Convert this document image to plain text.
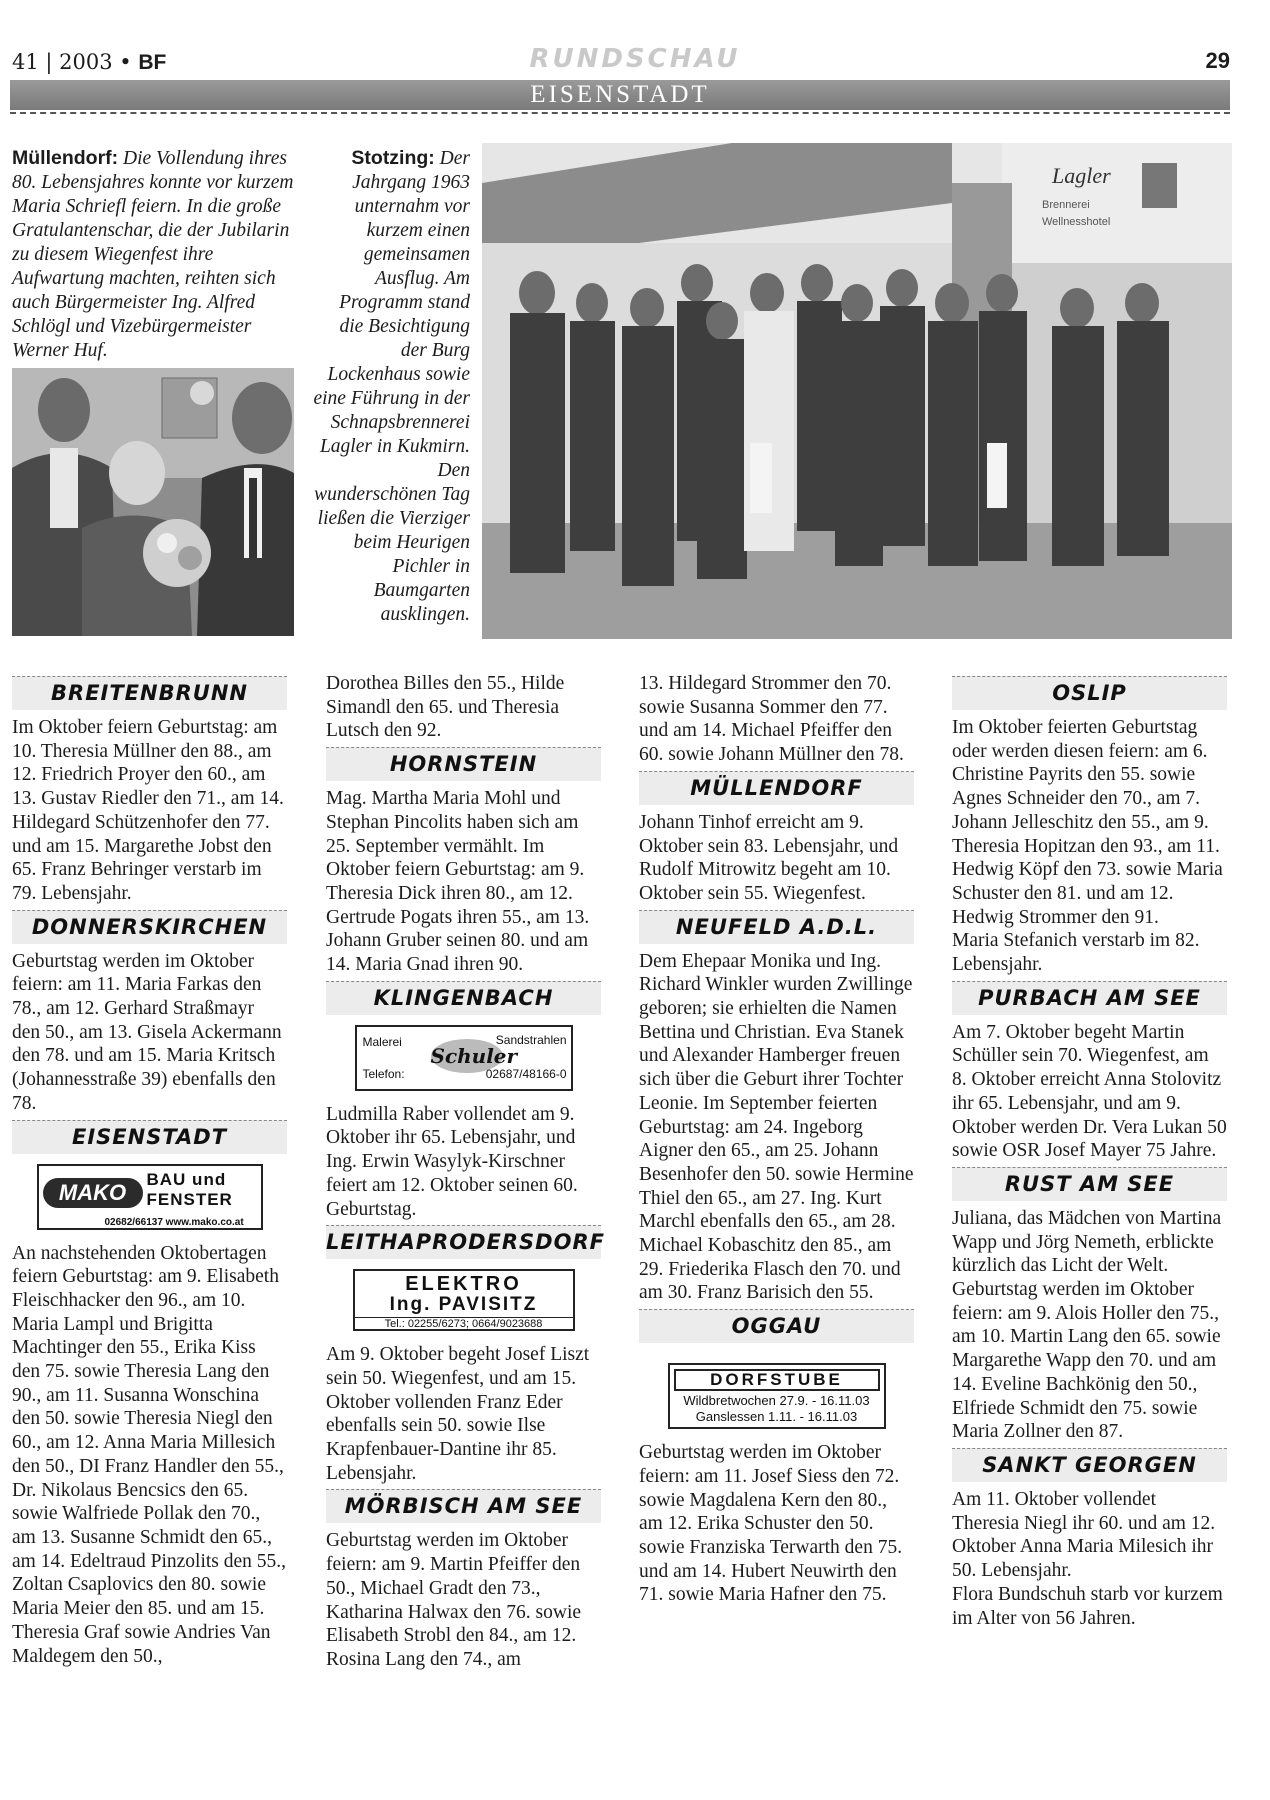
41 | 2003 • BF	RUNDSCHAU	29
EISENSTADT
Müllendorf: Die Vollendung ihres 80. Lebensjahres konnte vor kurzem Maria Schriefl feiern. In die große Gratulantenschar, die der Jubilarin zu diesem Wiegenfest ihre Aufwartung machten, reihten sich auch Bürgermeister Ing. Alfred Schlögl und Vizebürgermeister Werner Huf.
Stotzing: Der Jahrgang 1963 unternahm vor kurzem einen gemeinsamen Ausflug. Am Programm stand die Besichtigung der Burg Lockenhaus sowie eine Führung in der Schnapsbrennerei Lagler in Kukmirn. Den wunderschönen Tag ließen die Vierziger beim Heurigen Pichler in Baumgarten ausklingen.
Lagler
Brennerei
Wellnesshotel
BREITENBRUNN

Im Oktober feiern Geburtstag: am 10. Theresia Müllner den 88., am 12. Friedrich Proyer den 60., am 13. Gustav Riedler den 71., am 14. Hildegard Schützenhofer den 77. und am 15. Margarethe Jobst den 65. Franz Behringer verstarb im 79. Lebensjahr.

DONNERSKIRCHEN

Geburtstag werden im Oktober feiern: am 11. Maria Farkas den 78., am 12. Gerhard Straßmayr den 50., am 13. Gisela Ackermann den 78. und am 15. Maria Kritsch (Johannesstraße 39) ebenfalls den 78.

EISENSTADT
MAKO
BAU und
FENSTER
02682/66137 www.mako.co.at

An nachstehenden Oktobertagen feiern Geburtstag: am 9. Elisabeth Fleischhacker den 96., am 10. Maria Lampl und Brigitta Machtinger den 55., Erika Kiss den 75. sowie Theresia Lang den 90., am 11. Susanna Wonschina den 50. sowie Theresia Niegl den 60., am 12. Anna Maria Millesich den 50., DI Franz Handler den 55., Dr. Nikolaus Bencsics den 65. sowie Walfriede Pollak den 70., am 13. Susanne Schmidt den 65., am 14. Edeltraud Pinzolits den 55., Zoltan Csaplovics den 80. sowie Maria Meier den 85. und am 15. Theresia Graf sowie Andries Van Maldegem den 50.,

Dorothea Billes den 55., Hilde Simandl den 65. und Theresia Lutsch den 92.

HORNSTEIN

Mag. Martha Maria Mohl und Stephan Pincolits haben sich am 25. September vermählt. Im Oktober feiern Geburtstag: am 9. Theresia Dick ihren 80., am 12. Gertrude Pogats ihren 55., am 13. Johann Gruber seinen 80. und am 14. Maria Gnad ihren 90.

KLINGENBACH
Malerei	Sandstrahlen
Schuler
Telefon:	02687/48166-0

Ludmilla Raber vollendet am 9. Oktober ihr 65. Lebensjahr, und Ing. Erwin Wasylyk-Kirschner feiert am 12. Oktober seinen 60. Geburtstag.

LEITHAPRODERSDORF
ELEKTRO
Ing. PAVISITZ
Tel.: 02255/6273; 0664/9023688

Am 9. Oktober begeht Josef Liszt sein 50. Wiegenfest, und am 15. Oktober vollenden Franz Eder ebenfalls sein 50. sowie Ilse Krapfenbauer-Dantine ihr 85. Lebensjahr.

MÖRBISCH AM SEE

Geburtstag werden im Oktober feiern: am 9. Martin Pfeiffer den 50., Michael Gradt den 73., Katharina Halwax den 76. sowie Elisabeth Strobl den 84., am 12. Rosina Lang den 74., am

13. Hildegard Strommer den 70. sowie Susanna Sommer den 77. und am 14. Michael Pfeiffer den 60. sowie Johann Müllner den 78.

MÜLLENDORF

Johann Tinhof erreicht am 9. Oktober sein 83. Lebensjahr, und Rudolf Mitrowitz begeht am 10. Oktober sein 55. Wiegenfest.

NEUFELD A.D.L.

Dem Ehepaar Monika und Ing. Richard Winkler wurden Zwillinge geboren; sie erhielten die Namen Bettina und Christian. Eva Stanek und Alexander Hamberger freuen sich über die Geburt ihrer Tochter Leonie. Im September feierten Geburtstag: am 24. Ingeborg Aigner den 65., am 25. Johann Besenhofer den 50. sowie Hermine Thiel den 65., am 27. Ing. Kurt Marchl ebenfalls den 65., am 28. Michael Kobaschitz den 85., am 29. Friederika Flasch den 70. und am 30. Franz Barisich den 55.

OGGAU
DORFSTUBE
Wildbretwochen 27.9. - 16.11.03
Ganslessen 1.11. - 16.11.03

Geburtstag werden im Oktober feiern: am 11. Josef Siess den 72. sowie Magdalena Kern den 80., am 12. Erika Schuster den 50. sowie Franziska Terwarth den 75. und am 14. Hubert Neuwirth den 71. sowie Maria Hafner den 75.

OSLIP

Im Oktober feierten Geburtstag oder werden diesen feiern: am 6. Christine Payrits den 55. sowie Agnes Schneider den 70., am 7. Johann Jelleschitz den 55., am 9. Theresia Hopitzan den 93., am 11. Hedwig Köpf den 73. sowie Maria Schuster den 81. und am 12. Hedwig Strommer den 91.

Maria Stefanich verstarb im 82. Lebensjahr.

PURBACH AM SEE

Am 7. Oktober begeht Martin Schüller sein 70. Wiegenfest, am 8. Oktober erreicht Anna Stolovitz ihr 65. Lebensjahr, und am 9. Oktober werden Dr. Vera Lukan 50 sowie OSR Josef Mayer 75 Jahre.

RUST AM SEE

Juliana, das Mädchen von Martina Wapp und Jörg Nemeth, erblickte kürzlich das Licht der Welt.

Geburtstag werden im Oktober feiern: am 9. Alois Holler den 75., am 10. Martin Lang den 65. sowie Margarethe Wapp den 70. und am 14. Eveline Bachkönig den 50., Elfriede Schmidt den 75. sowie Maria Zollner den 87.

SANKT GEORGEN

Am 11. Oktober vollendet Theresia Niegl ihr 60. und am 12. Oktober Anna Maria Milesich ihr 50. Lebensjahr.

Flora Bundschuh starb vor kurzem im Alter von 56 Jahren.
